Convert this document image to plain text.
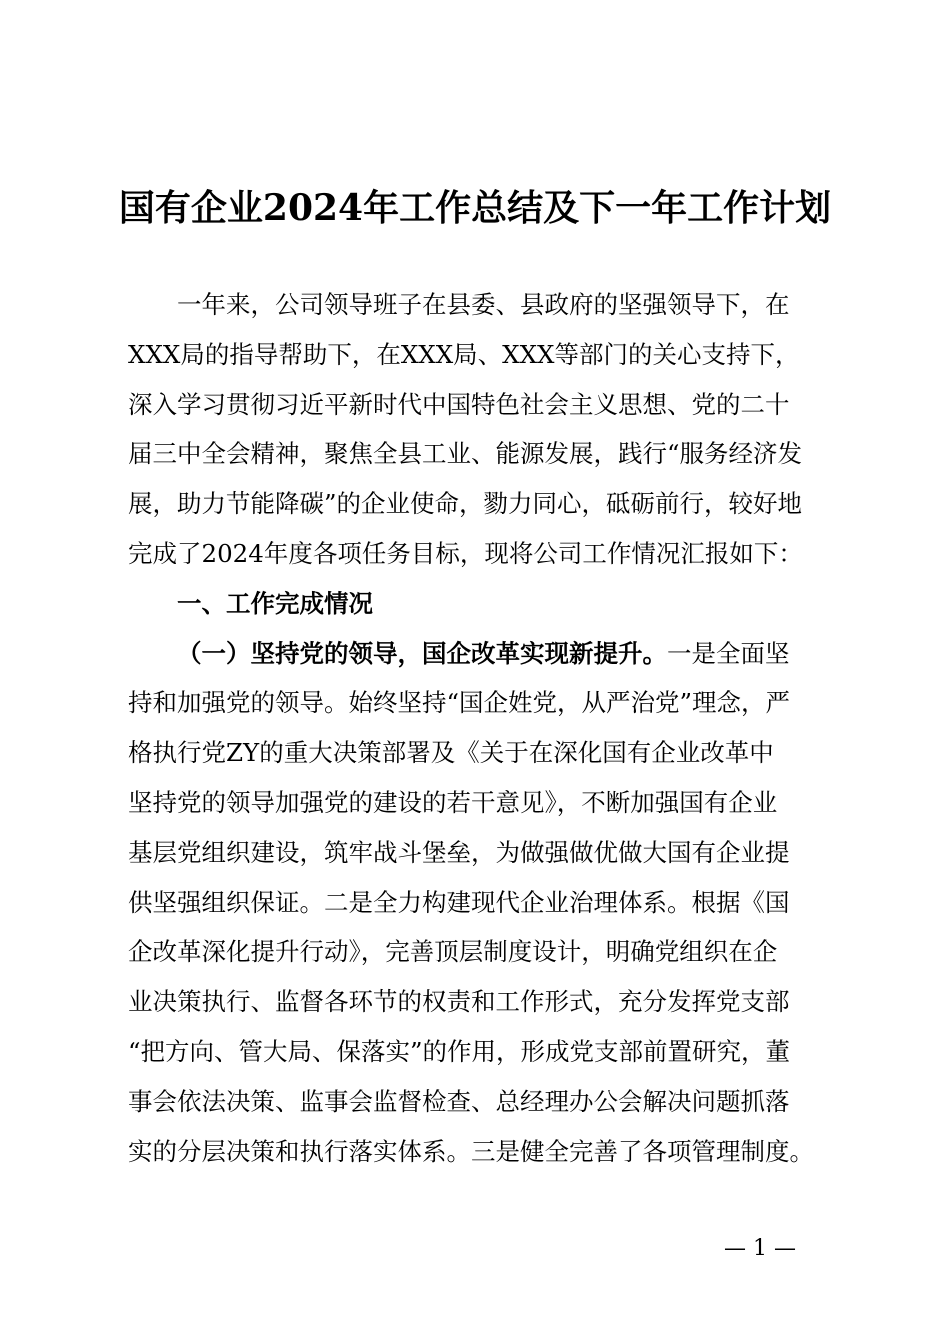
国有企业2024年工作总结及下一年工作计划
一年来，公司领导班子在县委、县政府的坚强领导下，在
XXX局的指导帮助下，在XXX局、XXX等部门的关心支持下，
深入学习贯彻习近平新时代中国特色社会主义思想、党的二十
届三中全会精神，聚焦全县工业、能源发展，践行“服务经济发
展，助力节能降碳”的企业使命，勠力同心，砥砺前行，较好地
完成了2024年度各项任务目标，现将公司工作情况汇报如下：
一、工作完成情况
（一）坚持党的领导，国企改革实现新提升。一是全面坚
持和加强党的领导。始终坚持“国企姓党，从严治党”理念，严
格执行党ZY的重大决策部署及《关于在深化国有企业改革中
坚持党的领导加强党的建设的若干意见》，不断加强国有企业
基层党组织建设，筑牢战斗堡垒，为做强做优做大国有企业提
供坚强组织保证。二是全力构建现代企业治理体系。根据《国
企改革深化提升行动》，完善顶层制度设计，明确党组织在企
业决策执行、监督各环节的权责和工作形式，充分发挥党支部
“把方向、管大局、保落实”的作用，形成党支部前置研究，董
事会依法决策、监事会监督检查、总经理办公会解决问题抓落
实的分层决策和执行落实体系。三是健全完善了各项管理制度。
— 1 —
